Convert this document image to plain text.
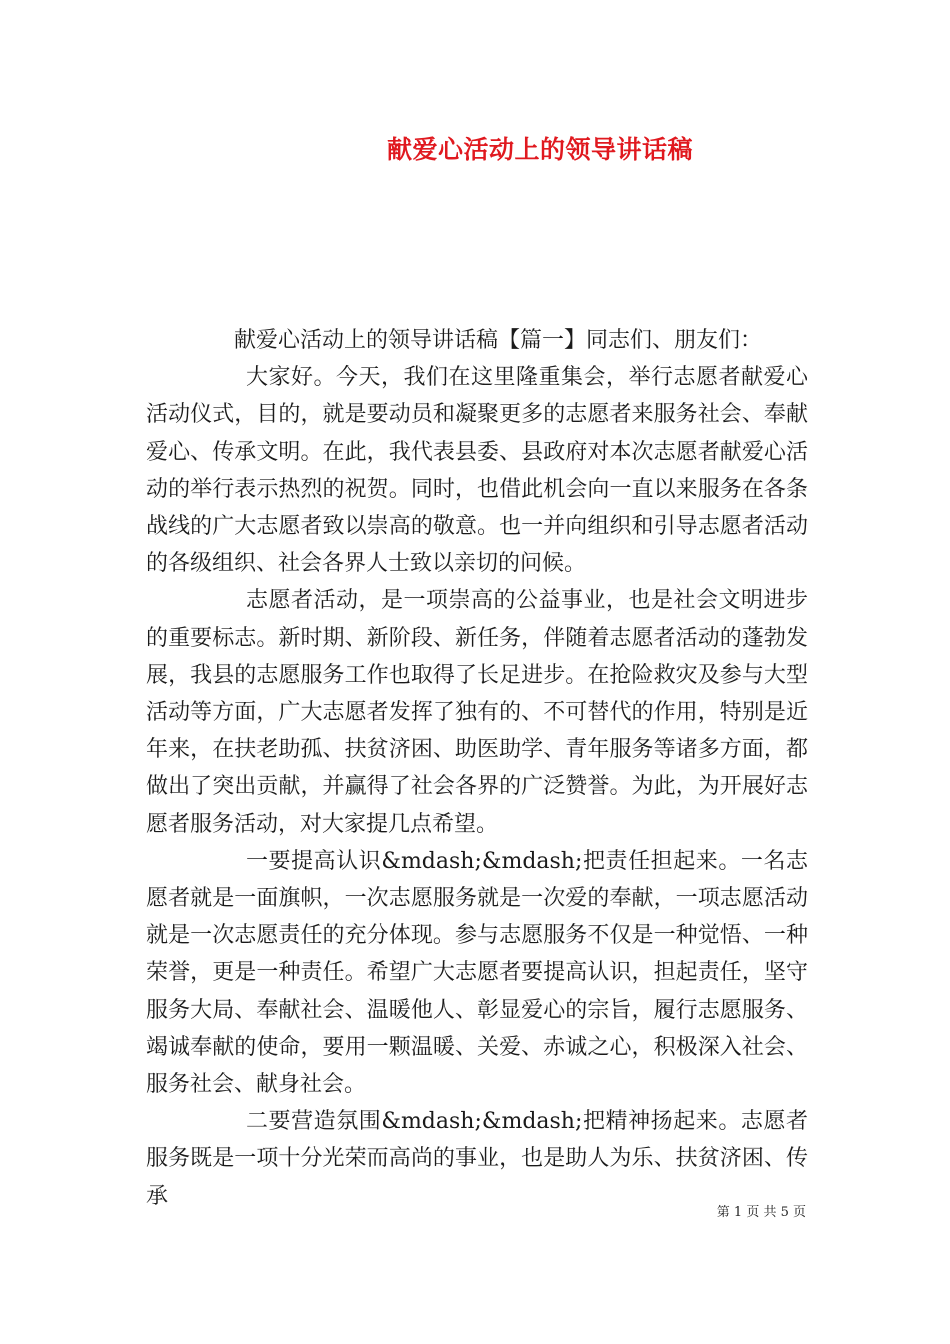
献爱心活动上的领导讲话稿

献爱心活动上的领导讲话稿【篇一】同志们、朋友们：

大家好。今天，我们在这里隆重集会，举行志愿者献爱心活动仪式，目的，就是要动员和凝聚更多的志愿者来服务社会、奉献爱心、传承文明。在此，我代表县委、县政府对本次志愿者献爱心活动的举行表示热烈的祝贺。同时，也借此机会向一直以来服务在各条战线的广大志愿者致以崇高的敬意。也一并向组织和引导志愿者活动的各级组织、社会各界人士致以亲切的问候。

志愿者活动，是一项崇高的公益事业，也是社会文明进步的重要标志。新时期、新阶段、新任务，伴随着志愿者活动的蓬勃发展，我县的志愿服务工作也取得了长足进步。在抢险救灾及参与大型活动等方面，广大志愿者发挥了独有的、不可替代的作用，特别是近年来，在扶老助孤、扶贫济困、助医助学、青年服务等诸多方面，都做出了突出贡献，并赢得了社会各界的广泛赞誉。为此，为开展好志愿者服务活动，对大家提几点希望。

一要提高认识&mdash;&mdash;把责任担起来。一名志愿者就是一面旗帜，一次志愿服务就是一次爱的奉献，一项志愿活动就是一次志愿责任的充分体现。参与志愿服务不仅是一种觉悟、一种荣誉，更是一种责任。希望广大志愿者要提高认识，担起责任，坚守服务大局、奉献社会、温暖他人、彰显爱心的宗旨，履行志愿服务、竭诚奉献的使命，要用一颗温暖、关爱、赤诚之心，积极深入社会、服务社会、献身社会。

二要营造氛围&mdash;&mdash;把精神扬起来。志愿者服务既是一项十分光荣而高尚的事业，也是助人为乐、扶贫济困、传承

第 1 页 共 5 页
